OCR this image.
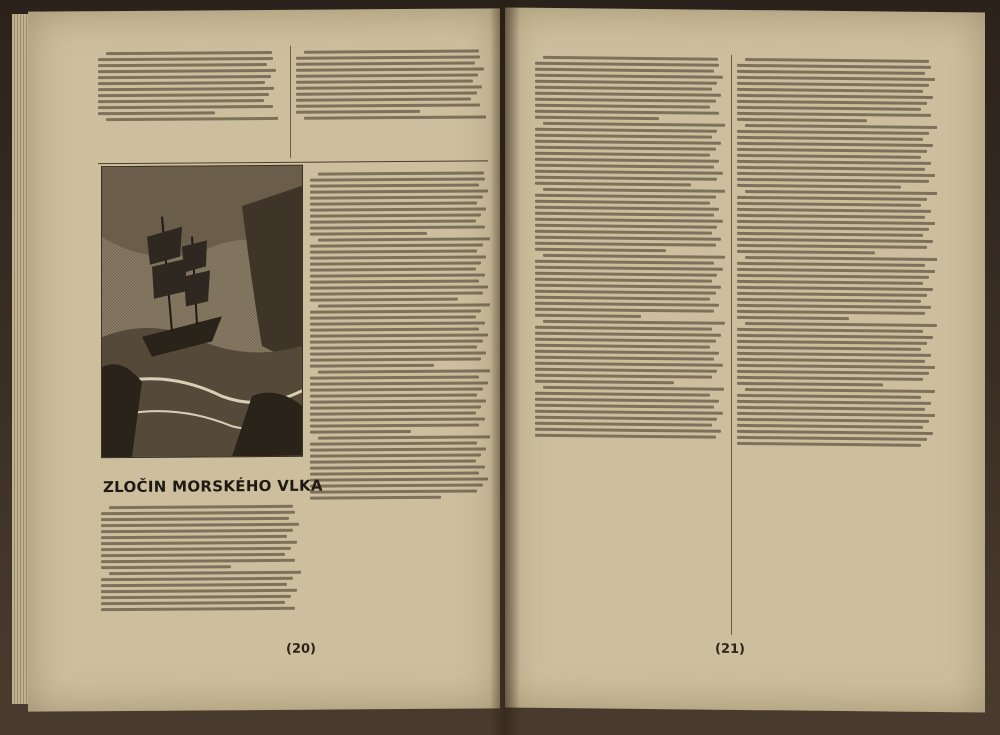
ZLOČIN MORSKÉHO VLKA
(20)	(21)
